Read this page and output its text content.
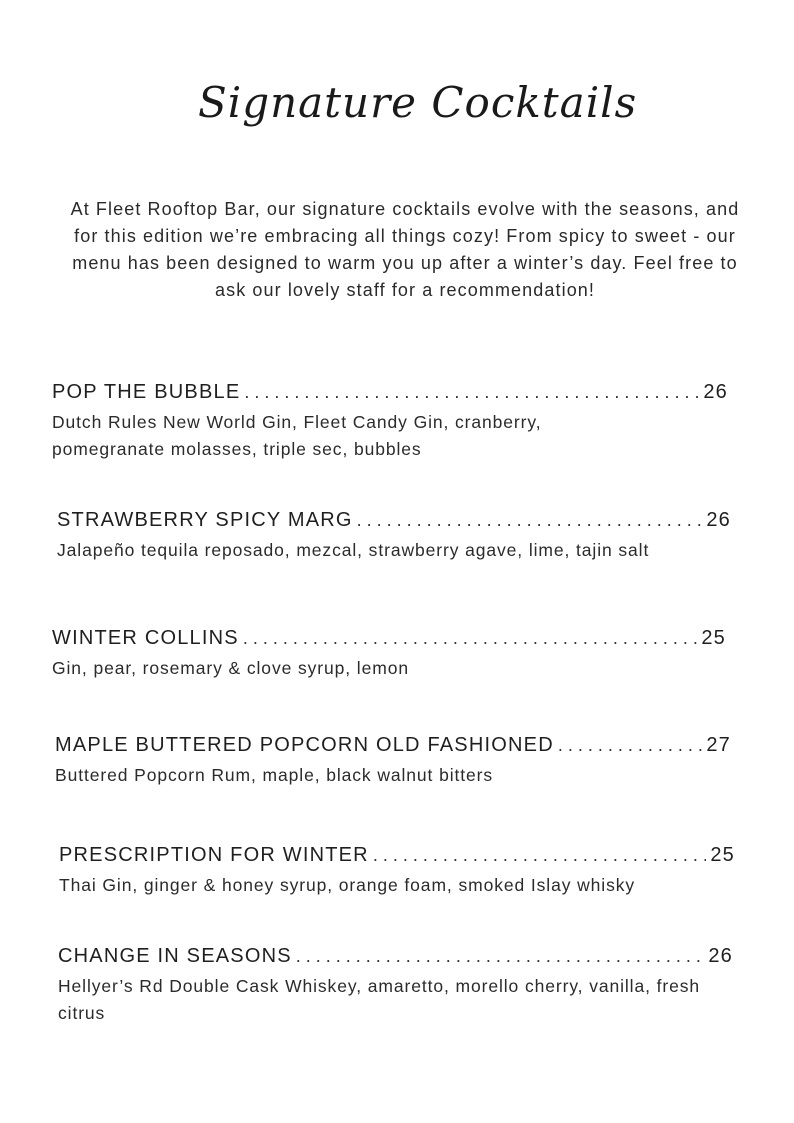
Signature Cocktails
At Fleet Rooftop Bar, our signature cocktails evolve with the seasons, and for this edition we’re embracing all things cozy! From spicy to sweet - our menu has been designed to warm you up after a winter’s day. Feel free to ask our lovely staff for a recommendation!
POP THE BUBBLE . . .	26
Dutch Rules New World Gin, Fleet Candy Gin, cranberry, pomegranate molasses, triple sec, bubbles
STRAWBERRY SPICY MARG . . .	26
Jalapeño tequila reposado, mezcal, strawberry agave, lime, tajin salt
WINTER COLLINS . . .	25
Gin, pear, rosemary & clove syrup, lemon
MAPLE BUTTERED POPCORN OLD FASHIONED . . .	27
Buttered Popcorn Rum, maple, black walnut bitters
PRESCRIPTION FOR WINTER . . .	25
Thai Gin, ginger & honey syrup, orange foam, smoked Islay whisky
CHANGE IN SEASONS . . .	26
Hellyer’s Rd Double Cask Whiskey, amaretto, morello cherry, vanilla, fresh citrus
